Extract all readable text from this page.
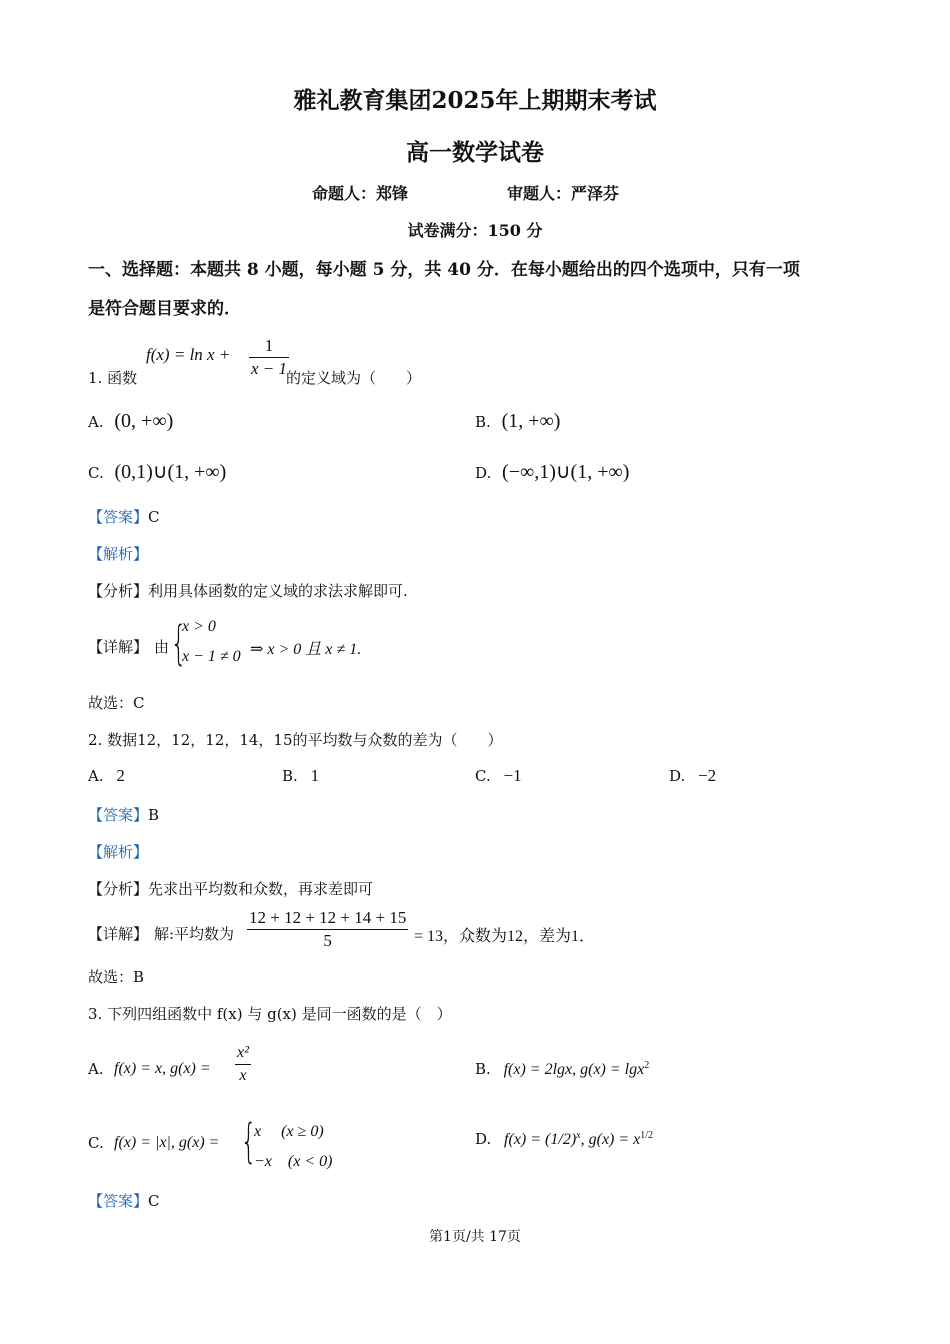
雅礼教育集团2025年上期期末考试
高一数学试卷
命题人：郑锋	审题人：严泽芬
试卷满分：150 分
一、选择题：本题共 8 小题，每小题 5 分，共 40 分．在每小题给出的四个选项中，只有一项
是符合题目要求的．
1. 函数
$f(x) = \ln x + \frac{1}{x - 1}$
的定义域为（　　）
A. (0, +∞)	B. (1, +∞)
C. (0,1)∪(1, +∞)	D. (−∞,1)∪(1, +∞)
【答案】C
【解析】
【分析】利用具体函数的定义域的求法求解即可.
【详解】 由 {
x > 0
x − 1 ≠ 0 ⇒ x > 0 且 x ≠ 1.
故选：C
2. 数据12，12，12，14，15的平均数与众数的差为（　　）
A. 2	B. 1	C. −1	D. −2
【答案】B
【解析】
【分析】先求出平均数和众数，再求差即可
【详解】 解:平均数为 $\frac{12 + 12 + 12 + 14 + 15}{5} = 13$，众数为12，差为1．
故选：B
3. 下列四组函数中 f(x) 与 g(x) 是同一函数的是（　）
A. f(x) = x, $g(x) = \frac{\text{x²}}{x}$	B. f(x) = 2lgx, g(x) = lgx$^2$
C. f(x) = |x|, g(x) = {
x　 (x ≥ 0)
−x　(x < 0)
D. $f(x) = (1/2)^x$, $g(x) = x^{1/2}$
【答案】C
第1页/共 17页
